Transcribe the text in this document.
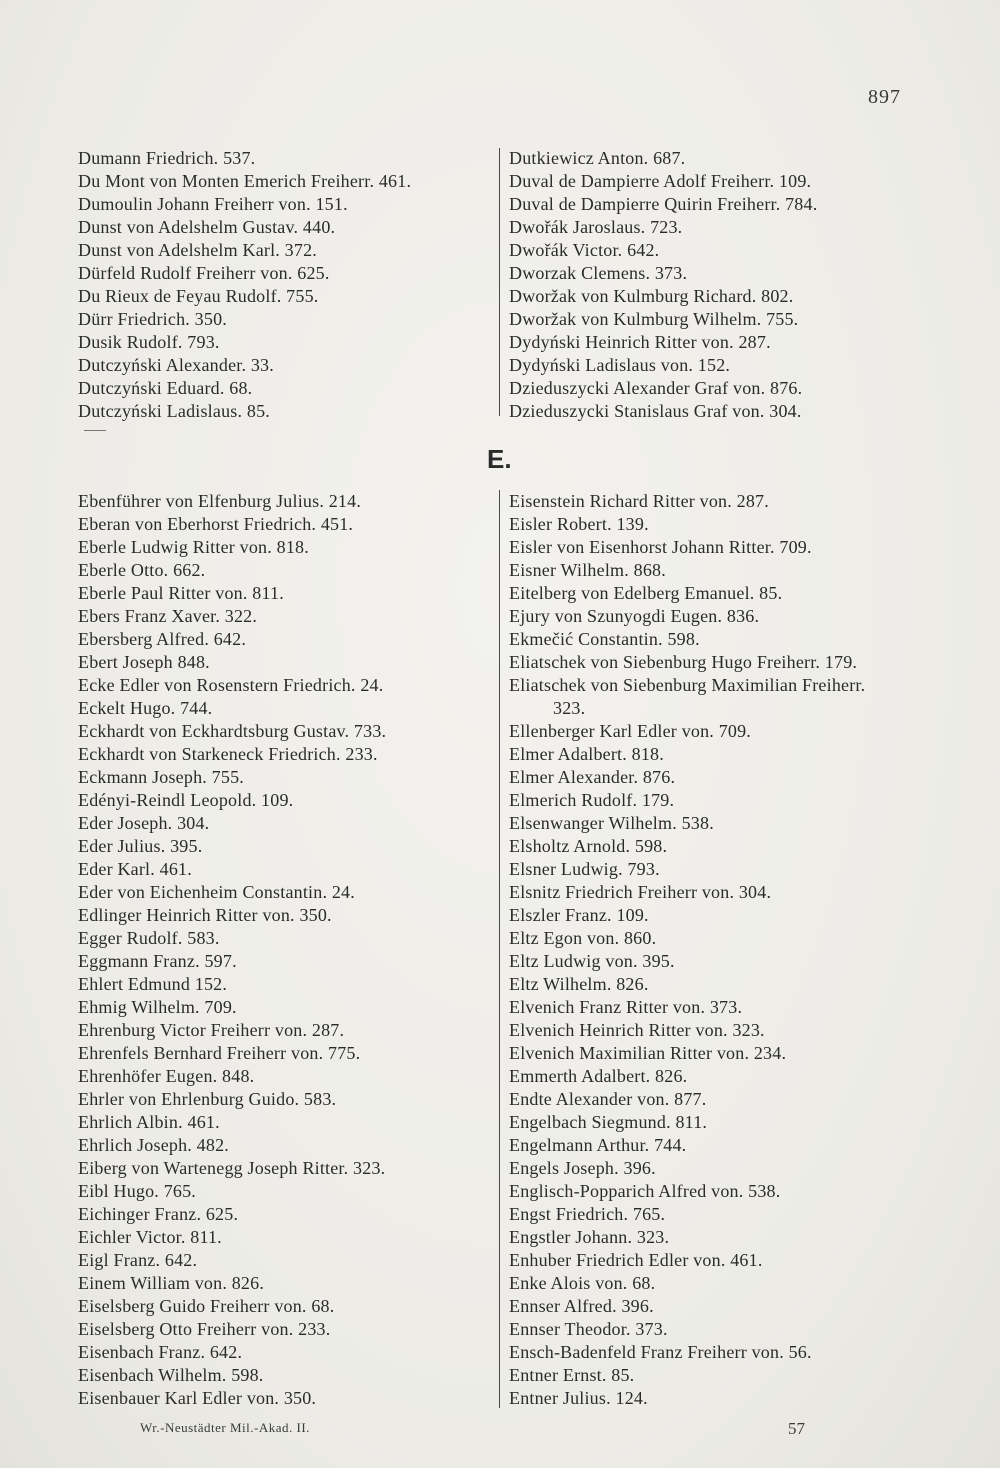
897
Dumann Friedrich. 537.
Du Mont von Monten Emerich Freiherr. 461.
Dumoulin Johann Freiherr von. 151.
Dunst von Adelshelm Gustav. 440.
Dunst von Adelshelm Karl. 372.
Dürfeld Rudolf Freiherr von. 625.
Du Rieux de Feyau Rudolf. 755.
Dürr Friedrich. 350.
Dusik Rudolf. 793.
Dutczyński Alexander. 33.
Dutczyński Eduard. 68.
Dutczyński Ladislaus. 85.
Dutkiewicz Anton. 687.
Duval de Dampierre Adolf Freiherr. 109.
Duval de Dampierre Quirin Freiherr. 784.
Dwořák Jaroslaus. 723.
Dwořák Victor. 642.
Dworzak Clemens. 373.
Dworžak von Kulmburg Richard. 802.
Dworžak von Kulmburg Wilhelm. 755.
Dydyński Heinrich Ritter von. 287.
Dydyński Ladislaus von. 152.
Dzieduszycki Alexander Graf von. 876.
Dzieduszycki Stanislaus Graf von. 304.
E.
Ebenführer von Elfenburg Julius. 214.
Eberan von Eberhorst Friedrich. 451.
Eberle Ludwig Ritter von. 818.
Eberle Otto. 662.
Eberle Paul Ritter von. 811.
Ebers Franz Xaver. 322.
Ebersberg Alfred. 642.
Ebert Joseph 848.
Ecke Edler von Rosenstern Friedrich. 24.
Eckelt Hugo. 744.
Eckhardt von Eckhardtsburg Gustav. 733.
Eckhardt von Starkeneck Friedrich. 233.
Eckmann Joseph. 755.
Edényi-Reindl Leopold. 109.
Eder Joseph. 304.
Eder Julius. 395.
Eder Karl. 461.
Eder von Eichenheim Constantin. 24.
Edlinger Heinrich Ritter von. 350.
Egger Rudolf. 583.
Eggmann Franz. 597.
Ehlert Edmund 152.
Ehmig Wilhelm. 709.
Ehrenburg Victor Freiherr von. 287.
Ehrenfels Bernhard Freiherr von. 775.
Ehrenhöfer Eugen. 848.
Ehrler von Ehrlenburg Guido. 583.
Ehrlich Albin. 461.
Ehrlich Joseph. 482.
Eiberg von Wartenegg Joseph Ritter. 323.
Eibl Hugo. 765.
Eichinger Franz. 625.
Eichler Victor. 811.
Eigl Franz. 642.
Einem William von. 826.
Eiselsberg Guido Freiherr von. 68.
Eiselsberg Otto Freiherr von. 233.
Eisenbach Franz. 642.
Eisenbach Wilhelm. 598.
Eisenbauer Karl Edler von. 350.
Eisenstein Richard Ritter von. 287.
Eisler Robert. 139.
Eisler von Eisenhorst Johann Ritter. 709.
Eisner Wilhelm. 868.
Eitelberg von Edelberg Emanuel. 85.
Ejury von Szunyogdi Eugen. 836.
Ekmečić Constantin. 598.
Eliatschek von Siebenburg Hugo Freiherr. 179.
Eliatschek von Siebenburg Maximilian Freiherr.
323.
Ellenberger Karl Edler von. 709.
Elmer Adalbert. 818.
Elmer Alexander. 876.
Elmerich Rudolf. 179.
Elsenwanger Wilhelm. 538.
Elsholtz Arnold. 598.
Elsner Ludwig. 793.
Elsnitz Friedrich Freiherr von. 304.
Elszler Franz. 109.
Eltz Egon von. 860.
Eltz Ludwig von. 395.
Eltz Wilhelm. 826.
Elvenich Franz Ritter von. 373.
Elvenich Heinrich Ritter von. 323.
Elvenich Maximilian Ritter von. 234.
Emmerth Adalbert. 826.
Endte Alexander von. 877.
Engelbach Siegmund. 811.
Engelmann Arthur. 744.
Engels Joseph. 396.
Englisch-Popparich Alfred von. 538.
Engst Friedrich. 765.
Engstler Johann. 323.
Enhuber Friedrich Edler von. 461.
Enke Alois von. 68.
Ennser Alfred. 396.
Ennser Theodor. 373.
Ensch-Badenfeld Franz Freiherr von. 56.
Entner Ernst. 85.
Entner Julius. 124.
Wr.-Neustädter Mil.-Akad. II.	57
